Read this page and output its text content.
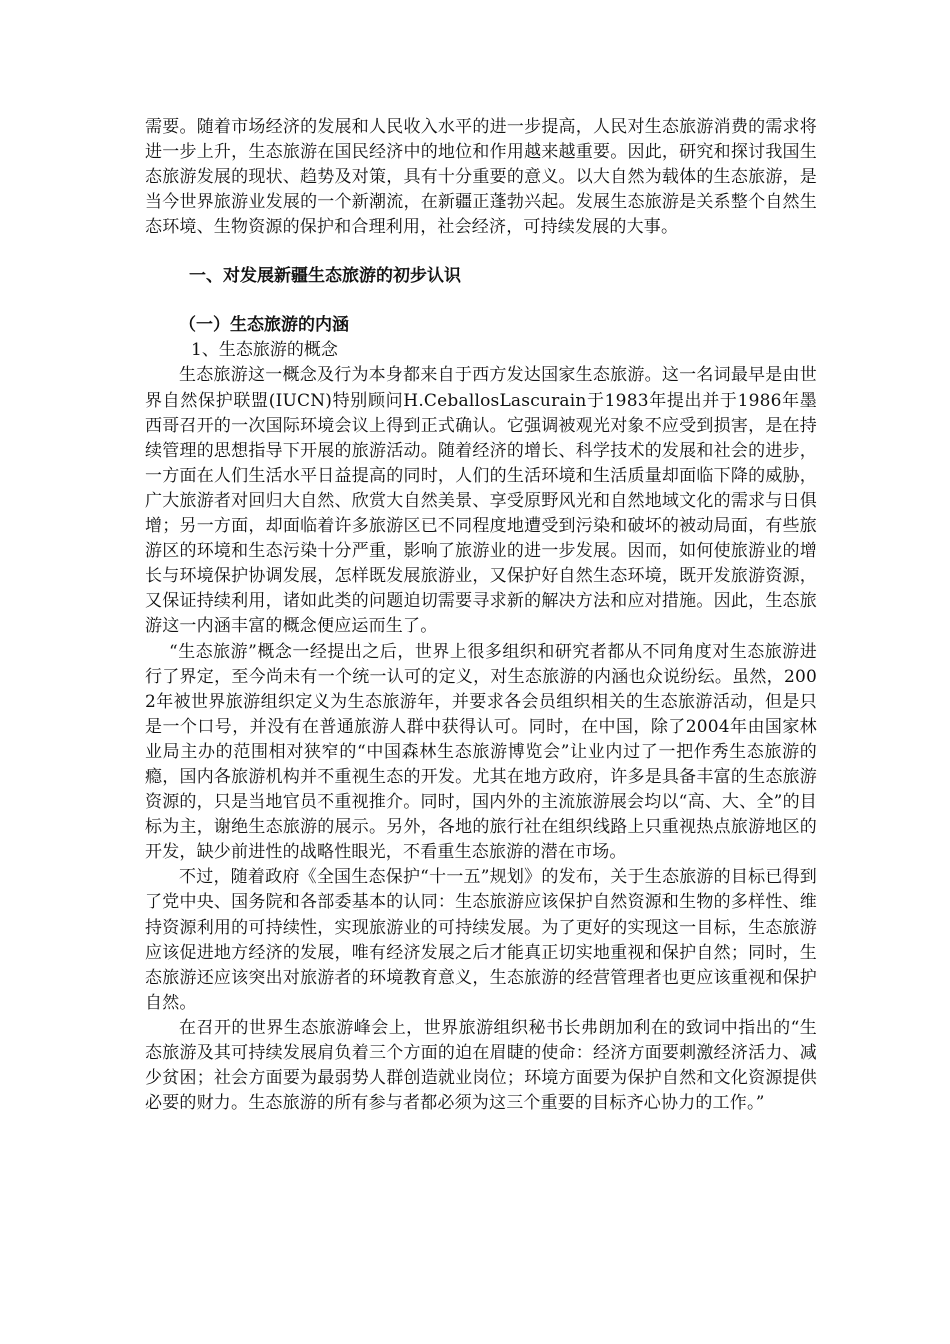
需要。随着市场经济的发展和人民收入水平的进一步提高，人民对生态旅游消费的需求将进一步上升，生态旅游在国民经济中的地位和作用越来越重要。因此，研究和探讨我国生态旅游发展的现状、趋势及对策，具有十分重要的意义。以大自然为载体的生态旅游，是当今世界旅游业发展的一个新潮流，在新疆正蓬勃兴起。发展生态旅游是关系整个自然生态环境、生物资源的保护和合理利用，社会经济，可持续发展的大事。

一、对发展新疆生态旅游的初步认识

（一）生态旅游的内涵

1、生态旅游的概念

生态旅游这一概念及行为本身都来自于西方发达国家生态旅游。这一名词最早是由世界自然保护联盟(IUCN)特别顾问H.CeballosLascurain于1983年提出并于1986年墨西哥召开的一次国际环境会议上得到正式确认。它强调被观光对象不应受到损害，是在持续管理的思想指导下开展的旅游活动。随着经济的增长、科学技术的发展和社会的进步，一方面在人们生活水平日益提高的同时，人们的生活环境和生活质量却面临下降的威胁，广大旅游者对回归大自然、欣赏大自然美景、享受原野风光和自然地域文化的需求与日俱增；另一方面，却面临着许多旅游区已不同程度地遭受到污染和破坏的被动局面，有些旅游区的环境和生态污染十分严重，影响了旅游业的进一步发展。因而，如何使旅游业的增长与环境保护协调发展，怎样既发展旅游业，又保护好自然生态环境，既开发旅游资源，又保证持续利用，诸如此类的问题迫切需要寻求新的解决方法和应对措施。因此，生态旅游这一内涵丰富的概念便应运而生了。

“生态旅游”概念一经提出之后，世界上很多组织和研究者都从不同角度对生态旅游进行了界定，至今尚未有一个统一认可的定义，对生态旅游的内涵也众说纷纭。虽然，2002年被世界旅游组织定义为生态旅游年，并要求各会员组织相关的生态旅游活动，但是只是一个口号，并没有在普通旅游人群中获得认可。同时，在中国，除了2004年由国家林业局主办的范围相对狭窄的“中国森林生态旅游博览会”让业内过了一把作秀生态旅游的瘾，国内各旅游机构并不重视生态的开发。尤其在地方政府，许多是具备丰富的生态旅游资源的，只是当地官员不重视推介。同时，国内外的主流旅游展会均以“高、大、全”的目标为主，谢绝生态旅游的展示。另外，各地的旅行社在组织线路上只重视热点旅游地区的开发，缺少前进性的战略性眼光，不看重生态旅游的潜在市场。

不过，随着政府《全国生态保护“十一五”规划》的发布，关于生态旅游的目标已得到了党中央、国务院和各部委基本的认同：生态旅游应该保护自然资源和生物的多样性、维持资源利用的可持续性，实现旅游业的可持续发展。为了更好的实现这一目标，生态旅游应该促进地方经济的发展，唯有经济发展之后才能真正切实地重视和保护自然；同时，生态旅游还应该突出对旅游者的环境教育意义，生态旅游的经营管理者也更应该重视和保护自然。

在召开的世界生态旅游峰会上，世界旅游组织秘书长弗朗加利在的致词中指出的“生态旅游及其可持续发展肩负着三个方面的迫在眉睫的使命：经济方面要刺激经济活力、减少贫困；社会方面要为最弱势人群创造就业岗位；环境方面要为保护自然和文化资源提供必要的财力。生态旅游的所有参与者都必须为这三个重要的目标齐心协力的工作。”
